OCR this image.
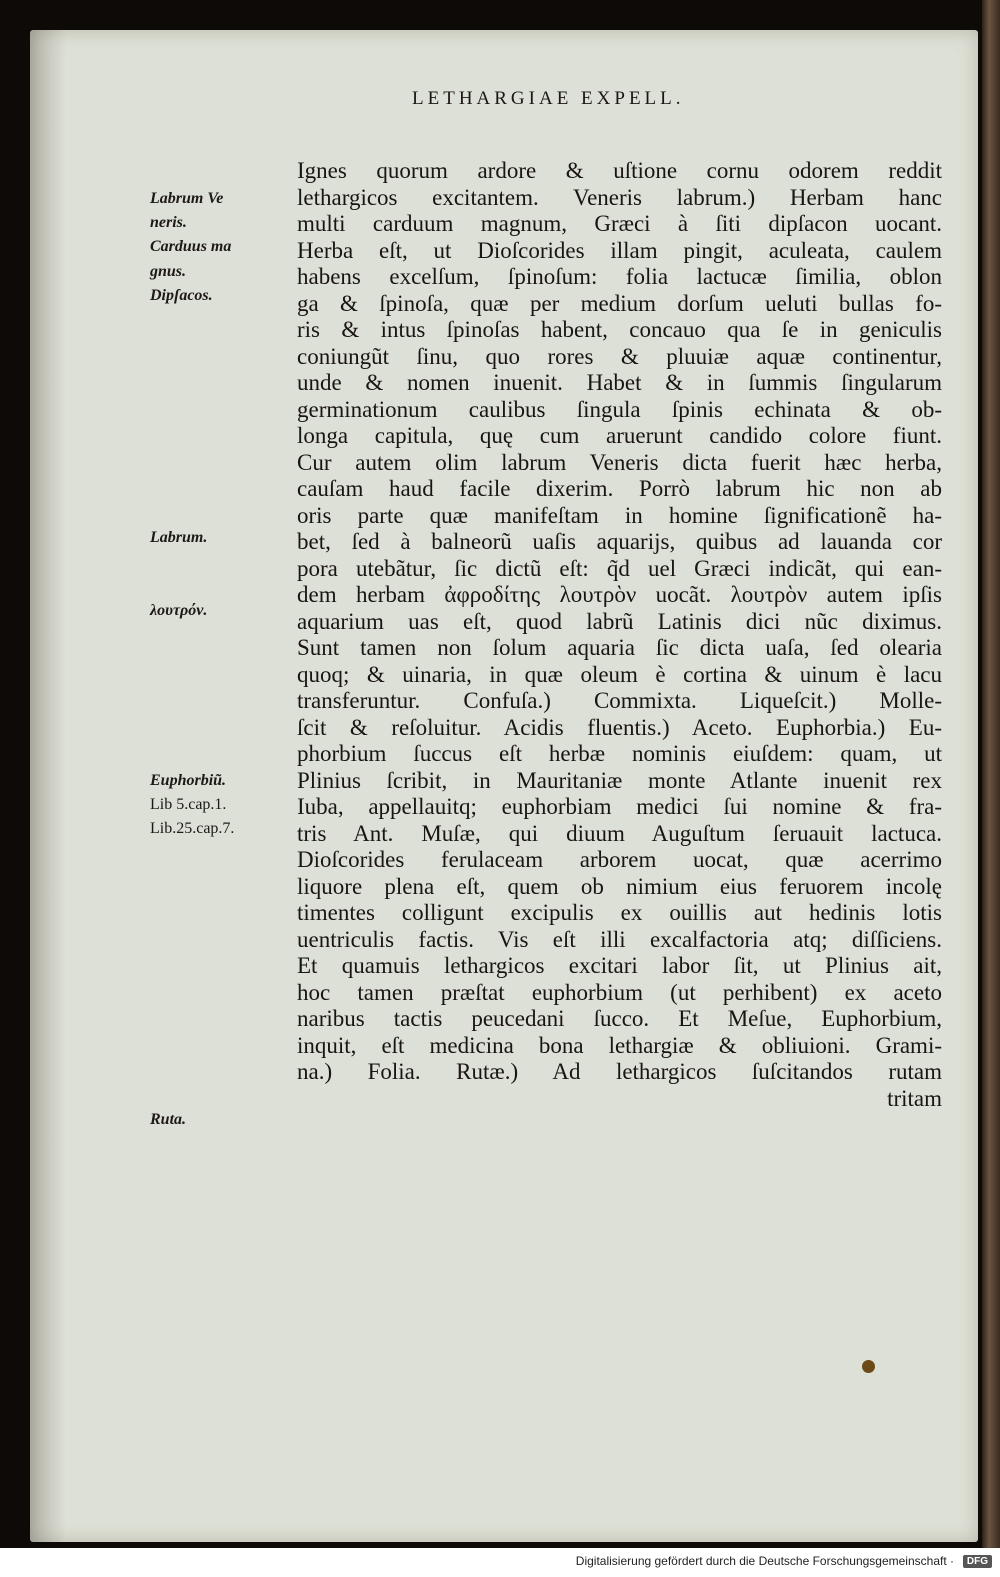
LETHARGIAE EXPELL.
Ignes quorum ardore & uſtione cornu odorem reddit
lethargicos excitantem. Veneris labrum.) Herbam hanc
multi carduum magnum, Græci à ſiti dipſacon uocant.
Herba eſt, ut Dioſcorides illam pingit, aculeata, caulem
habens excelſum, ſpinoſum: folia lactucæ ſimilia, oblon
ga & ſpinoſa, quæ per medium dorſum ueluti bullas fo-
ris & intus ſpinoſas habent, concauo qua ſe in geniculis
coniungũt ſinu, quo rores & pluuiæ aquæ continentur,
unde & nomen inuenit. Habet & in ſummis ſingularum
germinationum caulibus ſingula ſpinis echinata & ob-
longa capitula, quę cum aruerunt candido colore fiunt.
Cur autem olim labrum Veneris dicta fuerit hæc herba,
cauſam haud facile dixerim. Porrò labrum hic non ab
oris parte quæ manifeſtam in homine ſignificationẽ ha-
bet, ſed à balneorũ uaſis aquarijs, quibus ad lauanda cor
pora utebãtur, ſic dictũ eſt: q̃d uel Græci indicãt, qui ean-
dem herbam ἀφροδίτης λουτρὸν uocãt. λουτρὸν autem ipſis
aquarium uas eſt, quod labrũ Latinis dici nũc diximus.
Sunt tamen non ſolum aquaria ſic dicta uaſa, ſed olearia
quoq; & uinaria, in quæ oleum è cortina & uinum è lacu
transferuntur. Confuſa.) Commixta. Liqueſcit.) Molle-
ſcit & reſoluitur. Acidis fluentis.) Aceto. Euphorbia.) Eu-
phorbium ſuccus eſt herbæ nominis eiuſdem: quam, ut
Plinius ſcribit, in Mauritaniæ monte Atlante inuenit rex
Iuba, appellauitq; euphorbiam medici ſui nomine & fra-
tris Ant. Muſæ, qui diuum Auguſtum ſeruauit lactuca.
Dioſcorides ferulaceam arborem uocat, quæ acerrimo
liquore plena eſt, quem ob nimium eius feruorem incolę
timentes colligunt excipulis ex ouillis aut hedinis lotis
uentriculis factis. Vis eſt illi excalfactoria atq; diſſiciens.
Et quamuis lethargicos excitari labor ſit, ut Plinius ait,
hoc tamen præſtat euphorbium (ut perhibent) ex aceto
naribus tactis peucedani ſucco. Et Meſue, Euphorbium,
inquit, eſt medicina bona lethargiæ & obliuioni. Grami-
na.) Folia. Rutæ.) Ad lethargicos ſuſcitandos rutam
tritam
Labrum Ve
neris.
Carduus ma
gnus.
Dipſacos.
Labrum.
λουτρόν.
Euphorbiũ.
Lib 5.cap.1.
Lib.25.cap.7.
Ruta.
Digitalisierung gefördert durch die Deutsche Forschungsgemeinschaft ·	DFG
